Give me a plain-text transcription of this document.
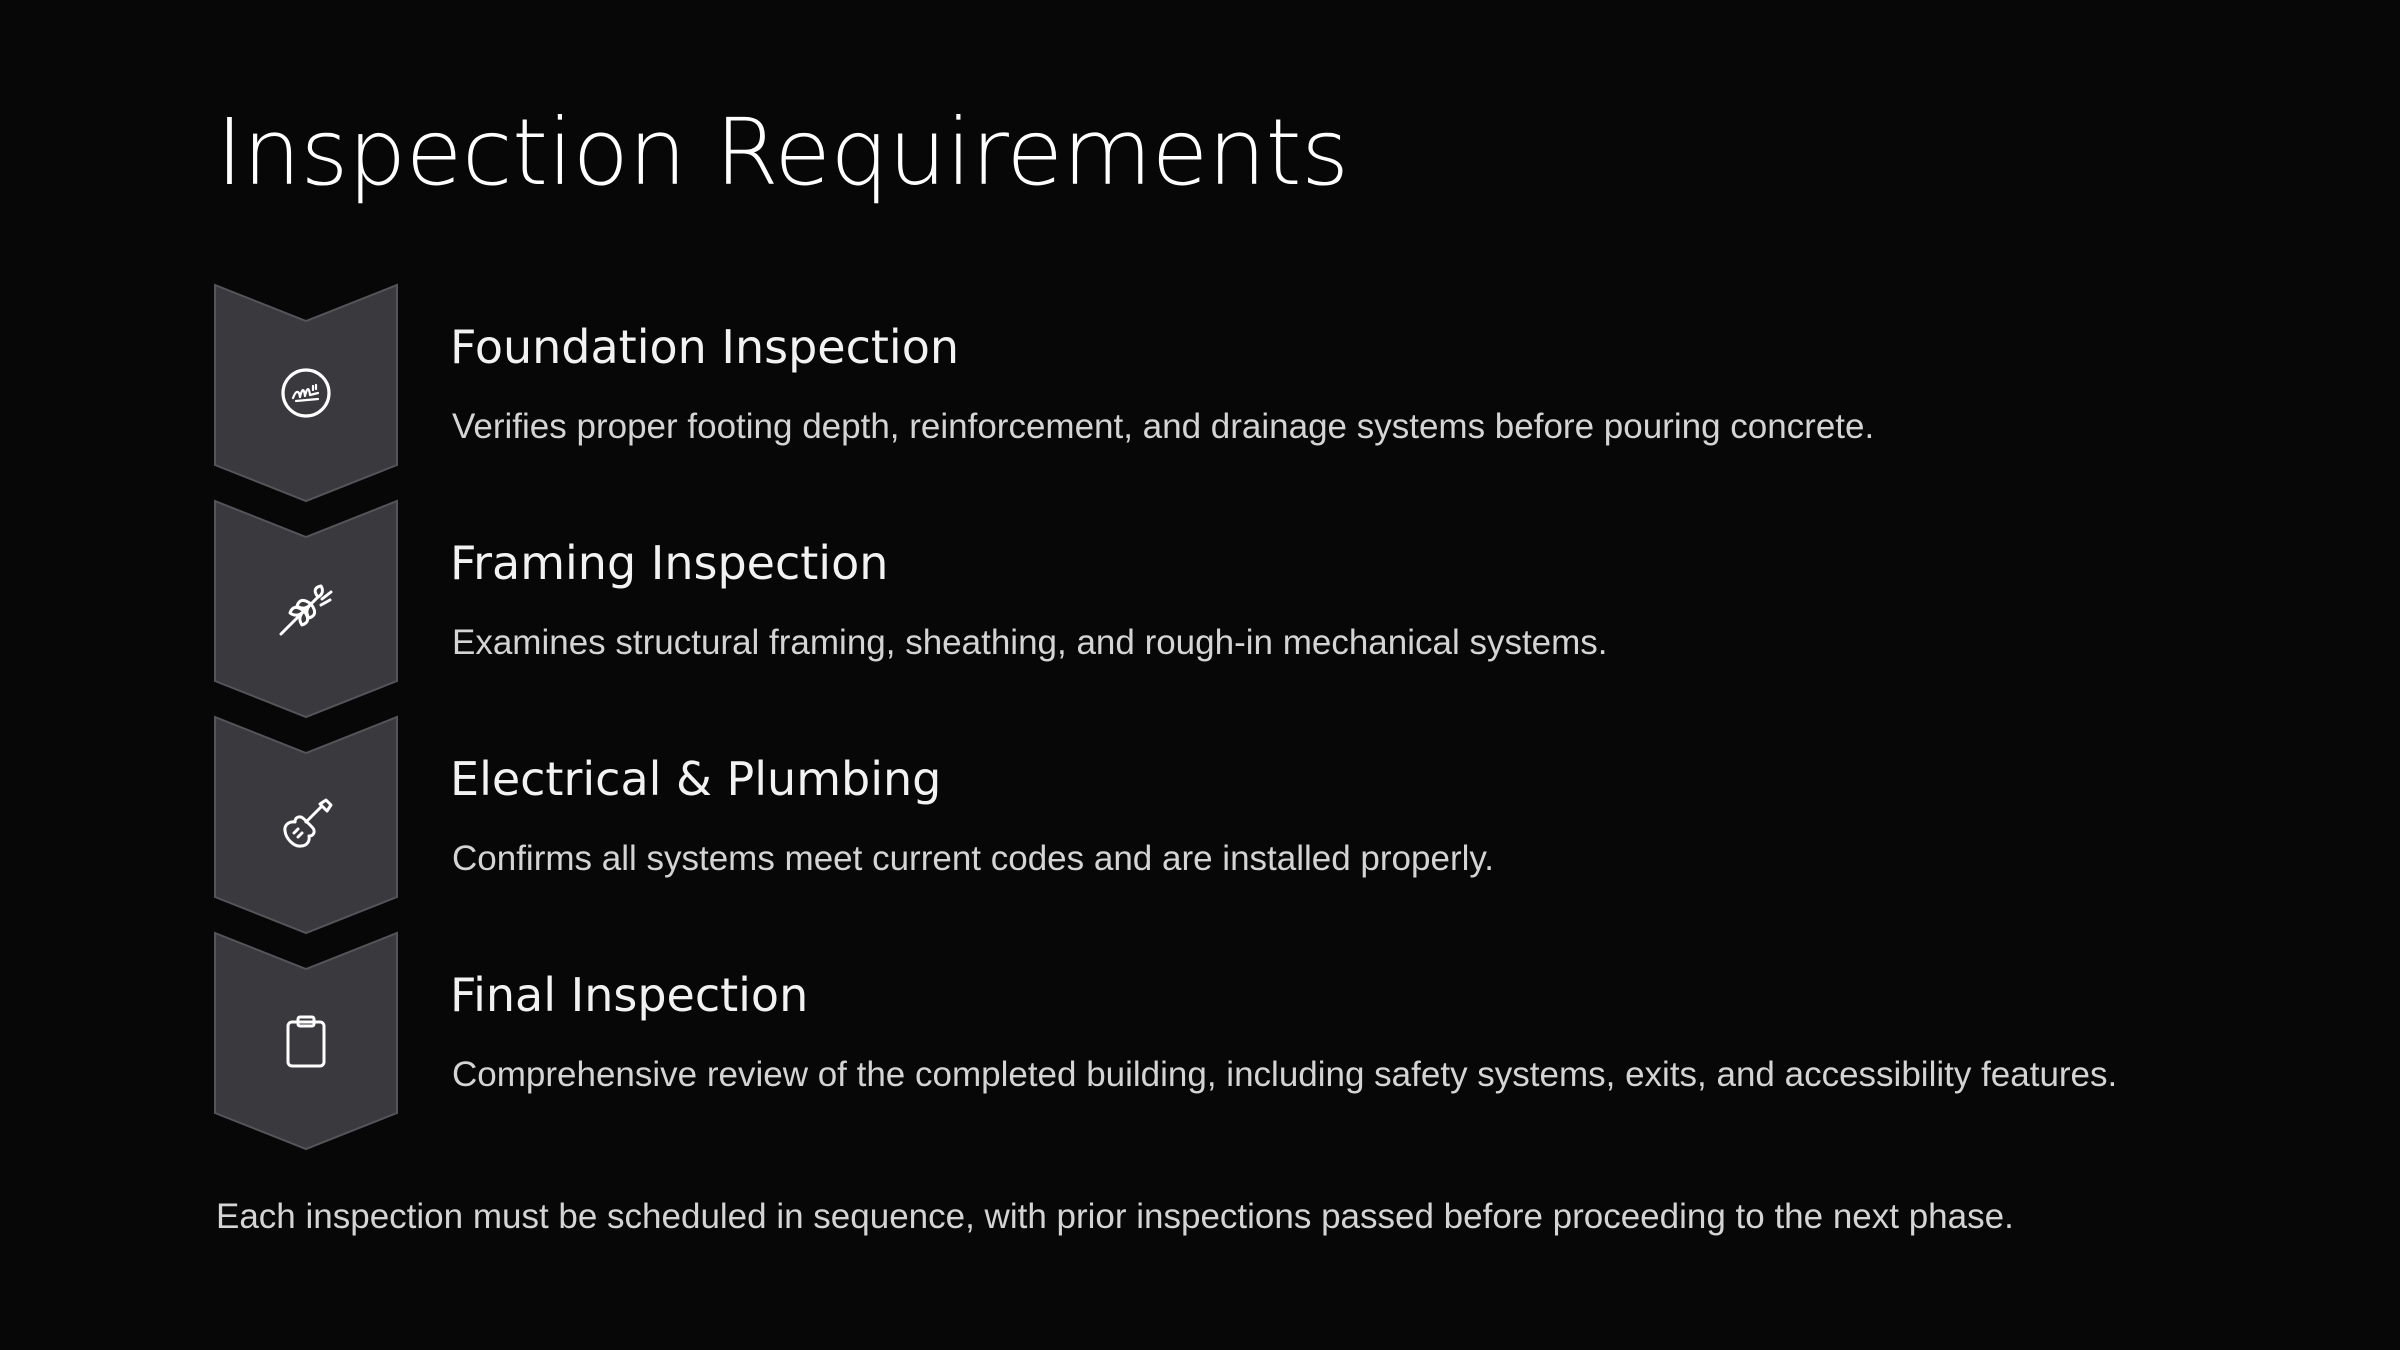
Inspection Requirements
Foundation Inspection

Verifies proper footing depth, reinforcement, and drainage systems before pouring concrete.

Framing Inspection

Examines structural framing, sheathing, and rough-in mechanical systems.

Electrical & Plumbing

Confirms all systems meet current codes and are installed properly.

Final Inspection

Comprehensive review of the completed building, including safety systems, exits, and accessibility features.

Each inspection must be scheduled in sequence, with prior inspections passed before proceeding to the next phase.
